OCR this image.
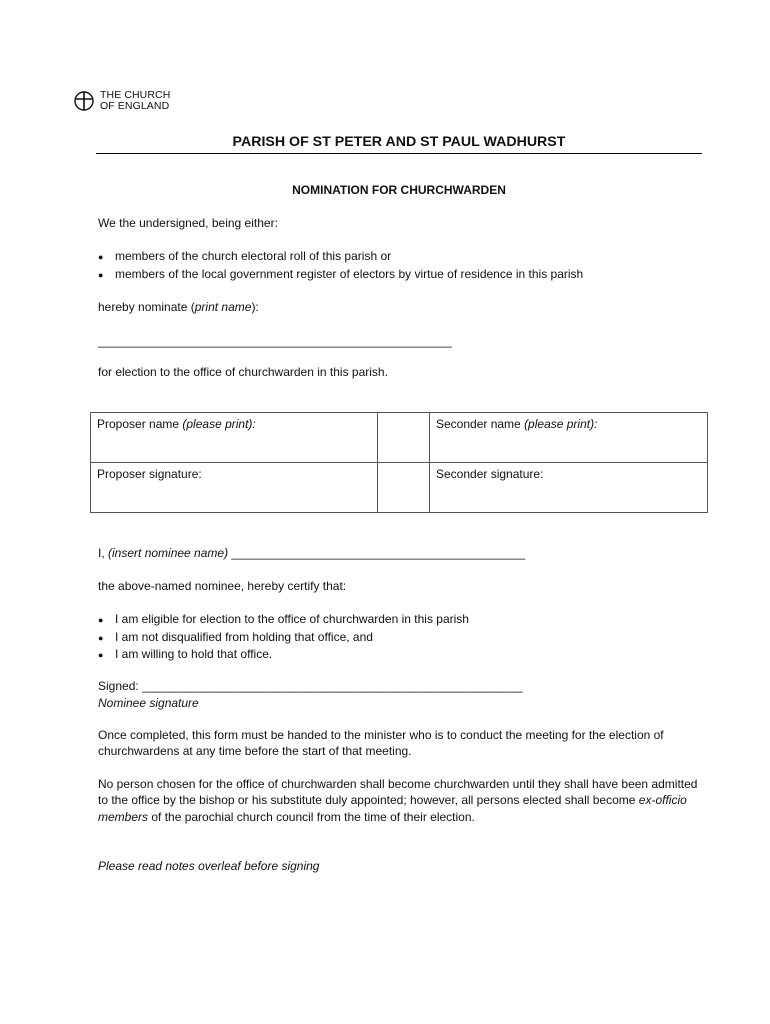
THE CHURCH
OF ENGLAND
PARISH OF ST PETER AND ST PAUL WADHURST
NOMINATION FOR CHURCHWARDEN
We the undersigned, being either:
● members of the church electoral roll of this parish or
● members of the local government register of electors by virtue of residence in this parish
hereby nominate (print name):
_____________________________________________________
for election to the office of churchwarden in this parish.
Proposer name (please print):		Seconder name (please print):
Proposer signature:		Seconder signature:
I, (insert nominee name) ____________________________________________
the above-named nominee, hereby certify that:
● I am eligible for election to the office of churchwarden in this parish
● I am not disqualified from holding that office, and
● I am willing to hold that office.
Signed: _________________________________________________________
Nominee signature
Once completed, this form must be handed to the minister who is to conduct the meeting for the election of churchwardens at any time before the start of that meeting.
No person chosen for the office of churchwarden shall become churchwarden until they shall have been admitted to the office by the bishop or his substitute duly appointed; however, all persons elected shall become ex-officio members of the parochial church council from the time of their election.
Please read notes overleaf before signing
